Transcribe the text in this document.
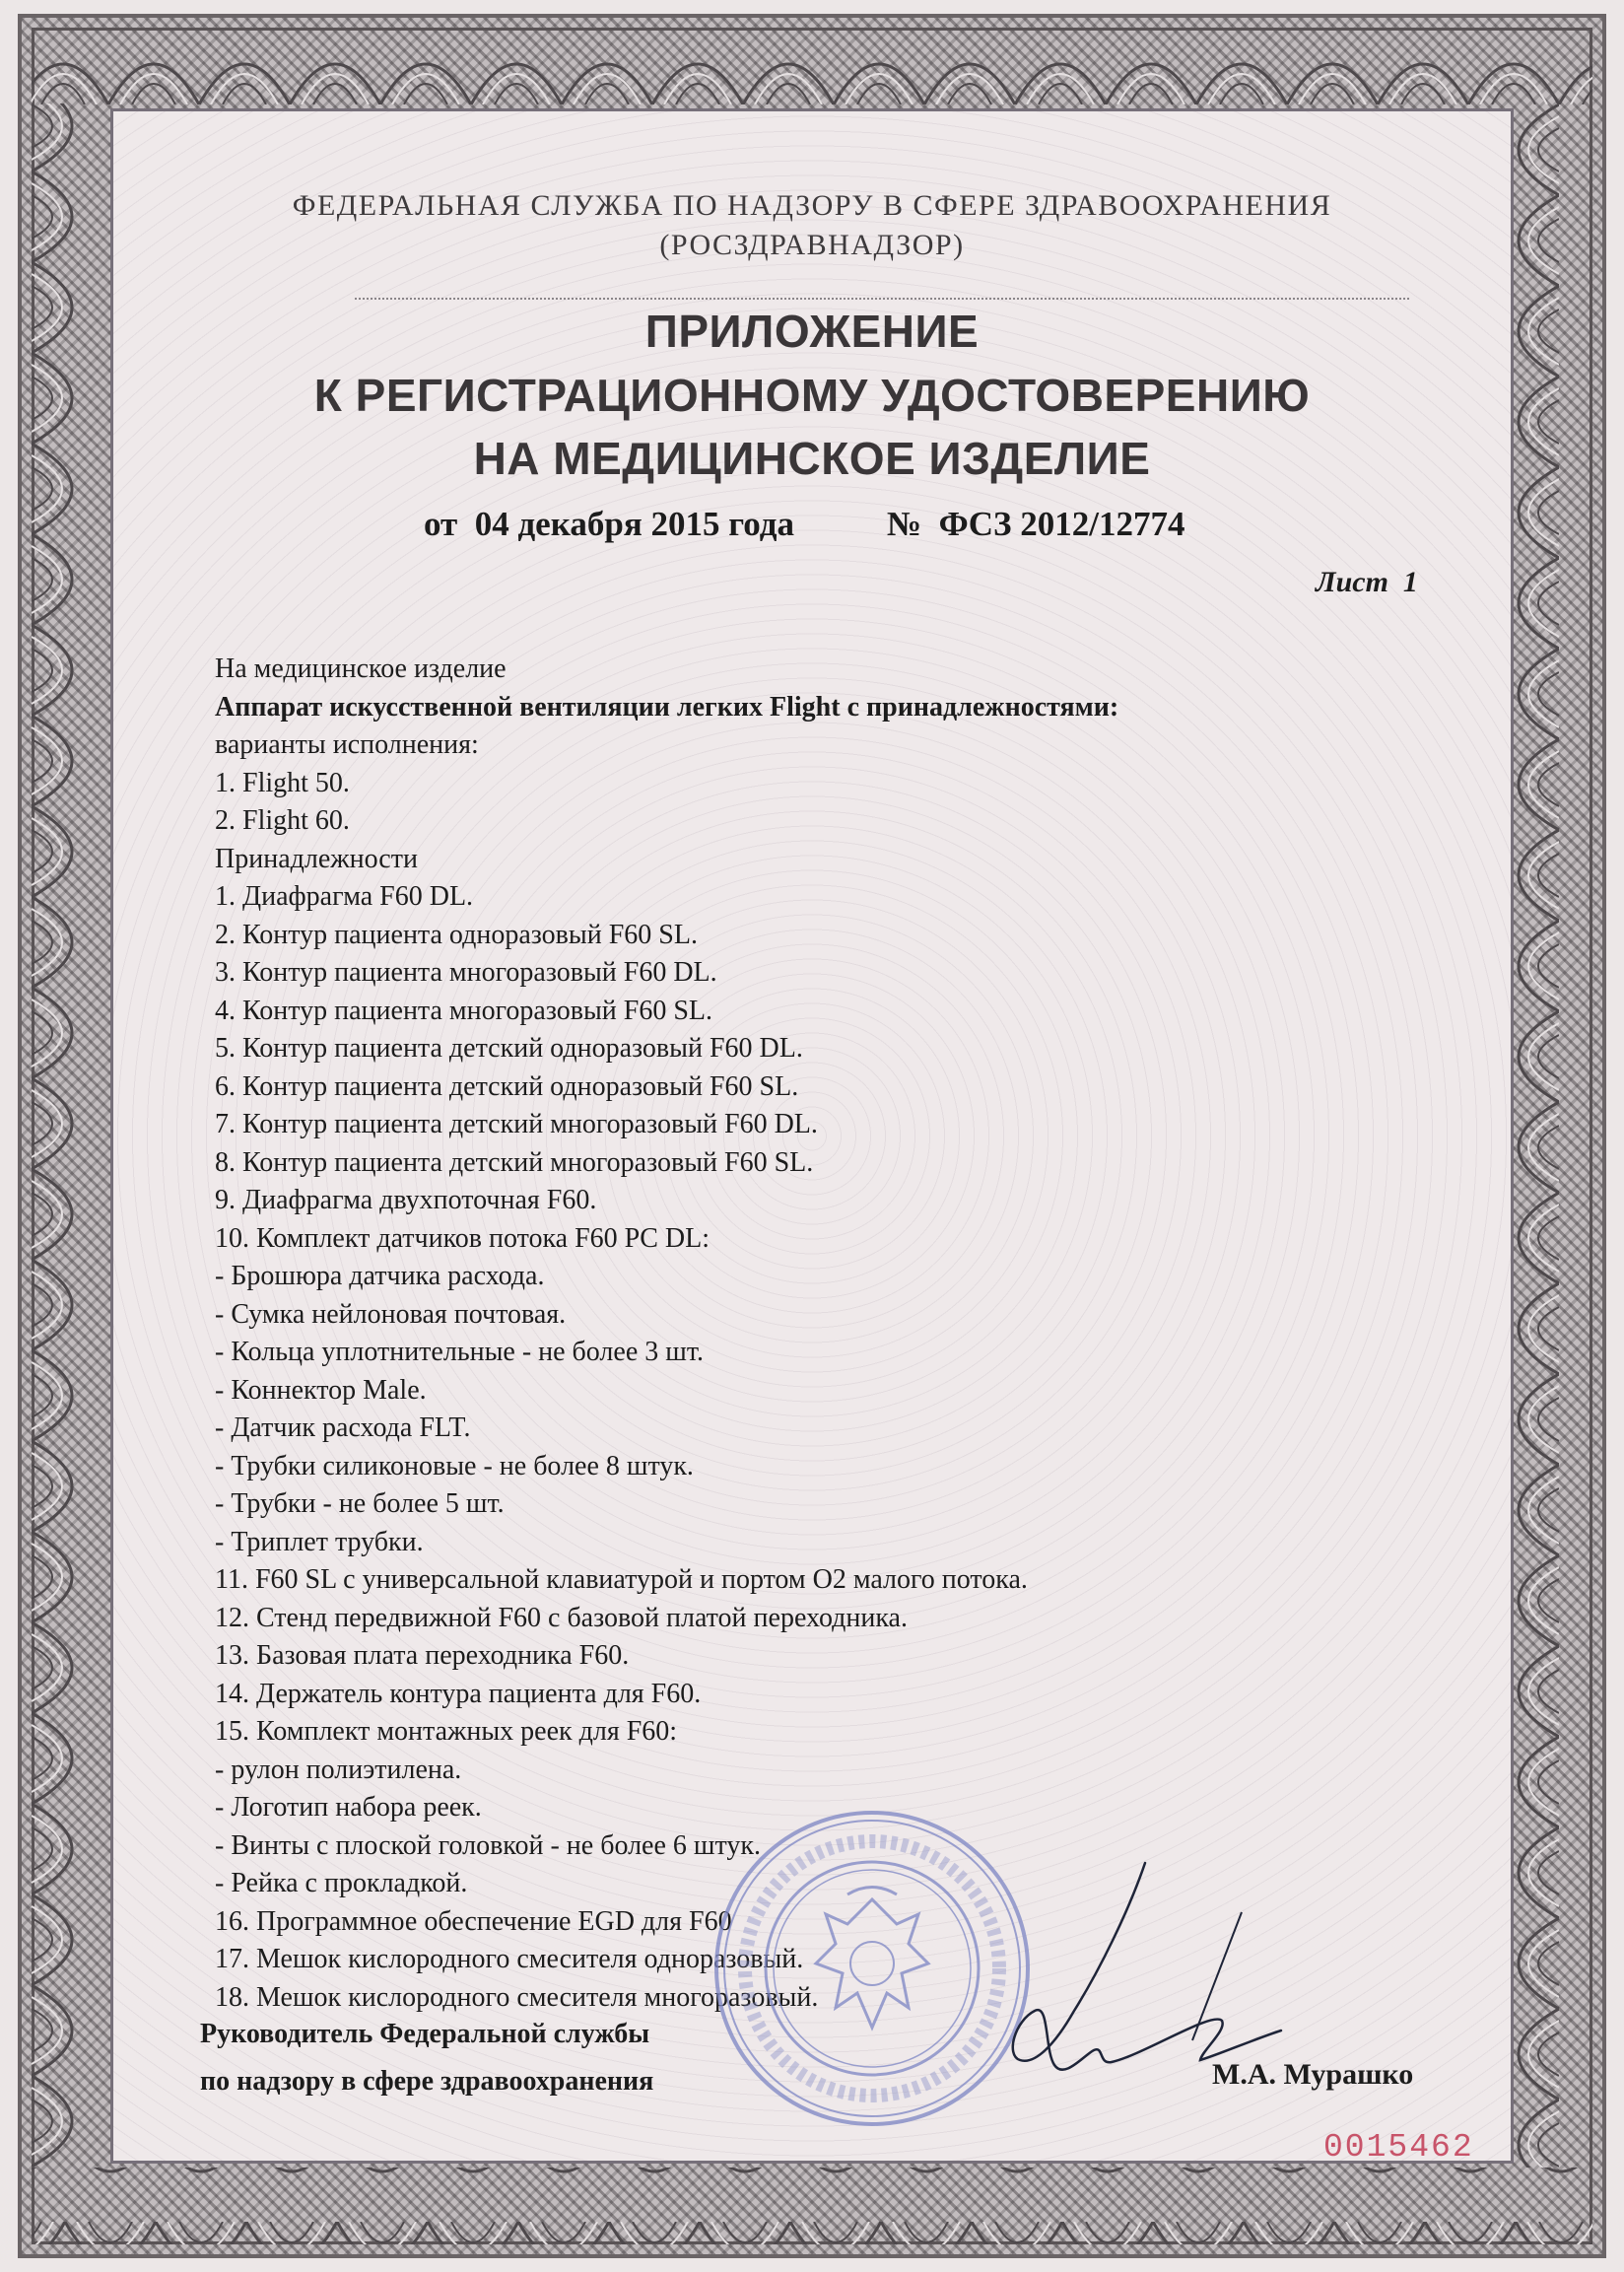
ФЕДЕРАЛЬНАЯ СЛУЖБА ПО НАДЗОРУ В СФЕРЕ ЗДРАВООХРАНЕНИЯ
(РОСЗДРАВНАДЗОР)
ПРИЛОЖЕНИЕ
К РЕГИСТРАЦИОННОМУ УДОСТОВЕРЕНИЮ
НА МЕДИЦИНСКОЕ ИЗДЕЛИЕ
от  04 декабря 2015 года	№  ФСЗ 2012/12774
Лист  1
На медицинское изделие
Аппарат искусственной вентиляции легких Flight с принадлежностями:
варианты исполнения:
1. Flight 50.
2. Flight 60.
Принадлежности
1. Диафрагма F60 DL.
2. Контур пациента одноразовый F60 SL.
3. Контур пациента многоразовый F60 DL.
4. Контур пациента многоразовый F60 SL.
5. Контур пациента детский одноразовый F60 DL.
6. Контур пациента детский одноразовый F60 SL.
7. Контур пациента детский многоразовый F60 DL.
8. Контур пациента детский многоразовый F60 SL.
9. Диафрагма двухпоточная F60.
10. Комплект датчиков потока F60 PC DL:
- Брошюра датчика расхода.
- Сумка нейлоновая почтовая.
- Кольца уплотнительные - не более 3 шт.
- Коннектор Male.
- Датчик расхода FLT.
- Трубки силиконовые - не более 8 штук.
- Трубки - не более 5 шт.
- Триплет трубки.
11. F60 SL с универсальной клавиатурой и портом O2 малого потока.
12. Стенд передвижной F60 с базовой платой переходника.
13. Базовая плата переходника F60.
14. Держатель контура пациента для F60.
15. Комплект монтажных реек для F60:
- рулон полиэтилена.
- Логотип набора реек.
- Винты с плоской головкой - не более 6 штук.
- Рейка с прокладкой.
16. Программное обеспечение EGD для F60
17. Мешок кислородного смесителя одноразовый.
18. Мешок кислородного смесителя многоразовый.
Руководитель Федеральной службы
по надзору в сфере здравоохранения	М.А. Мурашко
0015462
